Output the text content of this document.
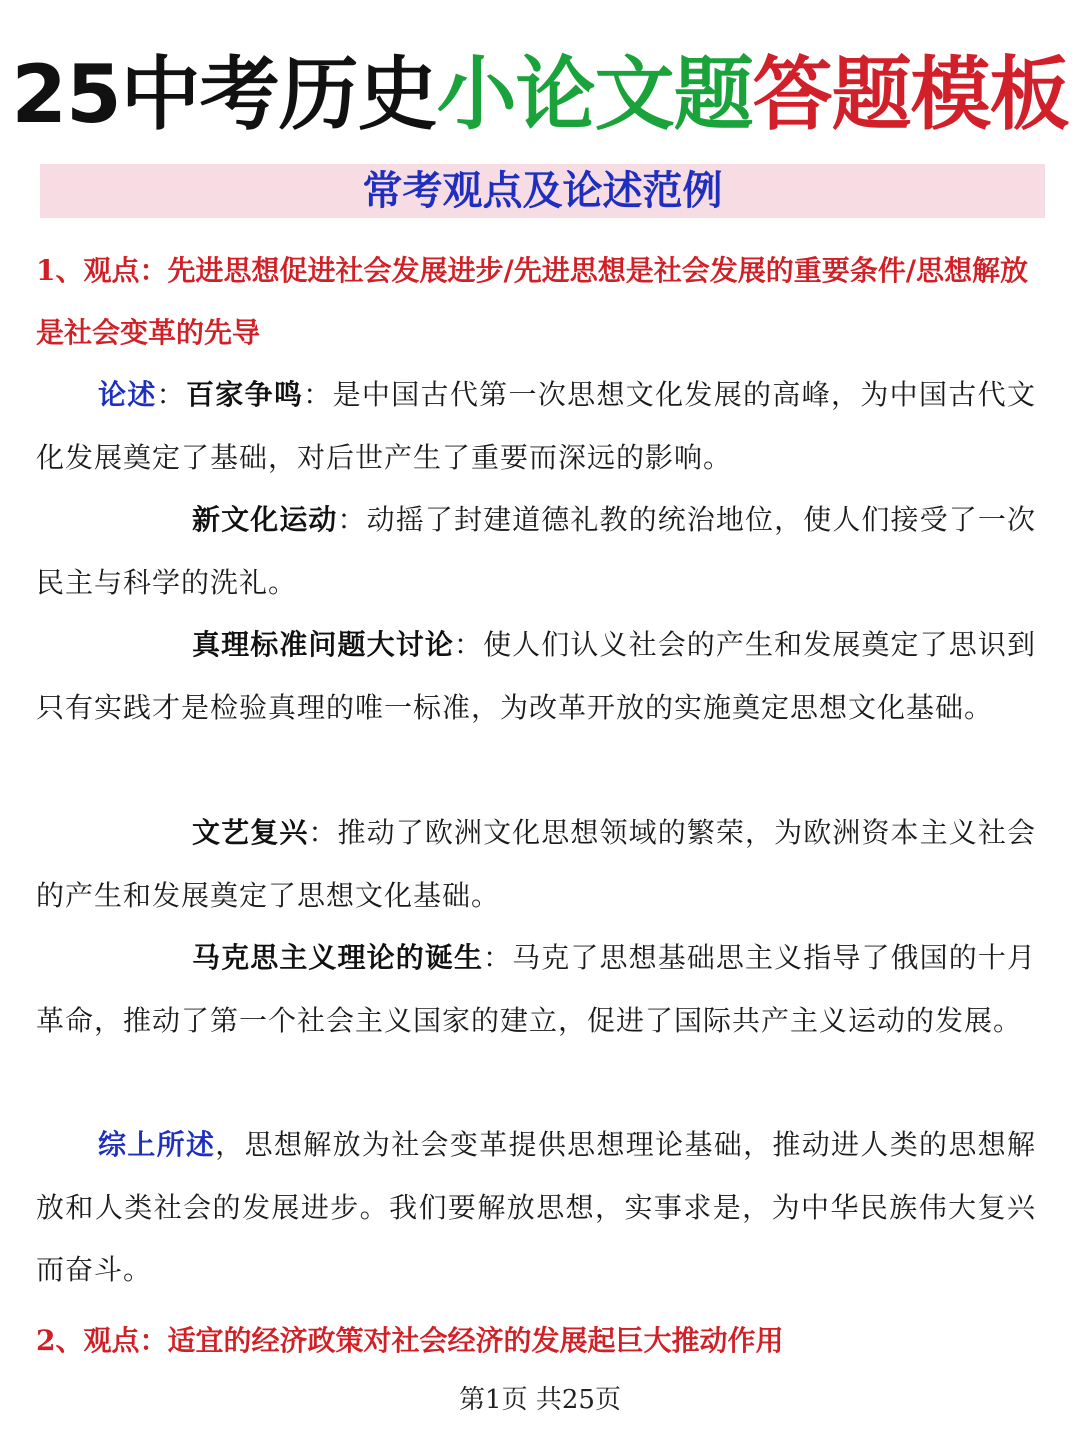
25中考历史小论文题答题模板
常考观点及论述范例
1、观点：先进思想促进社会发展进步/先进思想是社会发展的重要条件/思想解放是社会变革的先导
论述：百家争鸣：是中国古代第一次思想文化发展的高峰，为中国古代文化发展奠定了基础，对后世产生了重要而深远的影响。
新文化运动：动摇了封建道德礼教的统治地位，使人们接受了一次民主与科学的洗礼。
真理标准问题大讨论：使人们认义社会的产生和发展奠定了思识到只有实践才是检验真理的唯一标准，为改革开放的实施奠定思想文化基础。
文艺复兴：推动了欧洲文化思想领域的繁荣，为欧洲资本主义社会的产生和发展奠定了思想文化基础。
马克思主义理论的诞生：马克了思想基础思主义指导了俄国的十月革命，推动了第一个社会主义国家的建立，促进了国际共产主义运动的发展。
综上所述，思想解放为社会变革提供思想理论基础，推动进人类的思想解放和人类社会的发展进步。我们要解放思想，实事求是，为中华民族伟大复兴而奋斗。
2、观点：适宜的经济政策对社会经济的发展起巨大推动作用
第1页 共25页
